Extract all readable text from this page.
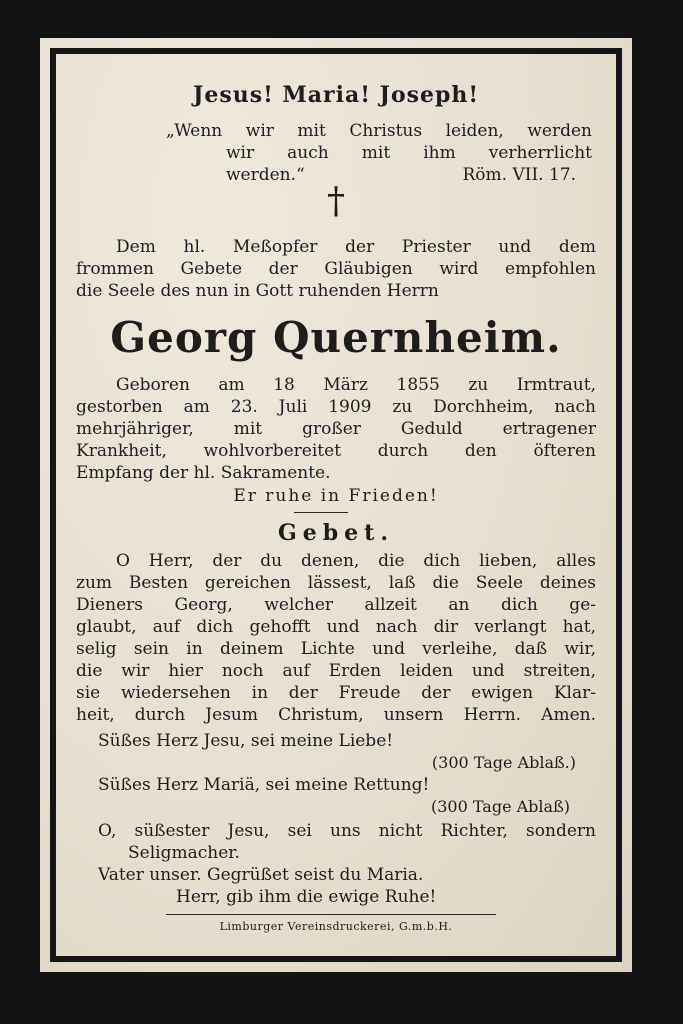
Jesus! Maria! Joseph!
„Wenn wir mit Christus leiden, werden
wir auch mit ihm verherrlicht
werden.“	Röm. VII. 17.
†
Dem hl. Meßopfer der Priester und dem
frommen Gebete der Gläubigen wird empfohlen
die Seele des nun in Gott ruhenden Herrn
Georg Quernheim.
Geboren am 18 März 1855 zu Irmtraut,
gestorben am 23. Juli 1909 zu Dorchheim, nach
mehrjähriger, mit großer Geduld ertragener
Krankheit, wohlvorbereitet durch den öfteren
Empfang der hl. Sakramente.
Er ruhe in Frieden!
Gebet.
O Herr, der du denen, die dich lieben, alles
zum Besten gereichen lässest, laß die Seele deines
Dieners Georg, welcher allzeit an dich ge-
glaubt, auf dich gehofft und nach dir verlangt hat,
selig sein in deinem Lichte und verleihe, daß wir,
die wir hier noch auf Erden leiden und streiten,
sie wiedersehen in der Freude der ewigen Klar-
heit, durch Jesum Christum, unsern Herrn. Amen.
Süßes Herz Jesu, sei meine Liebe!
(300 Tage Ablaß.)
Süßes Herz Mariä, sei meine Rettung!
(300 Tage Ablaß)
O, süßester Jesu, sei uns nicht Richter, sondern
Seligmacher.
Vater unser. Gegrüßet seist du Maria.
Herr, gib ihm die ewige Ruhe!
Limburger Vereinsdruckerei, G.m.b.H.
